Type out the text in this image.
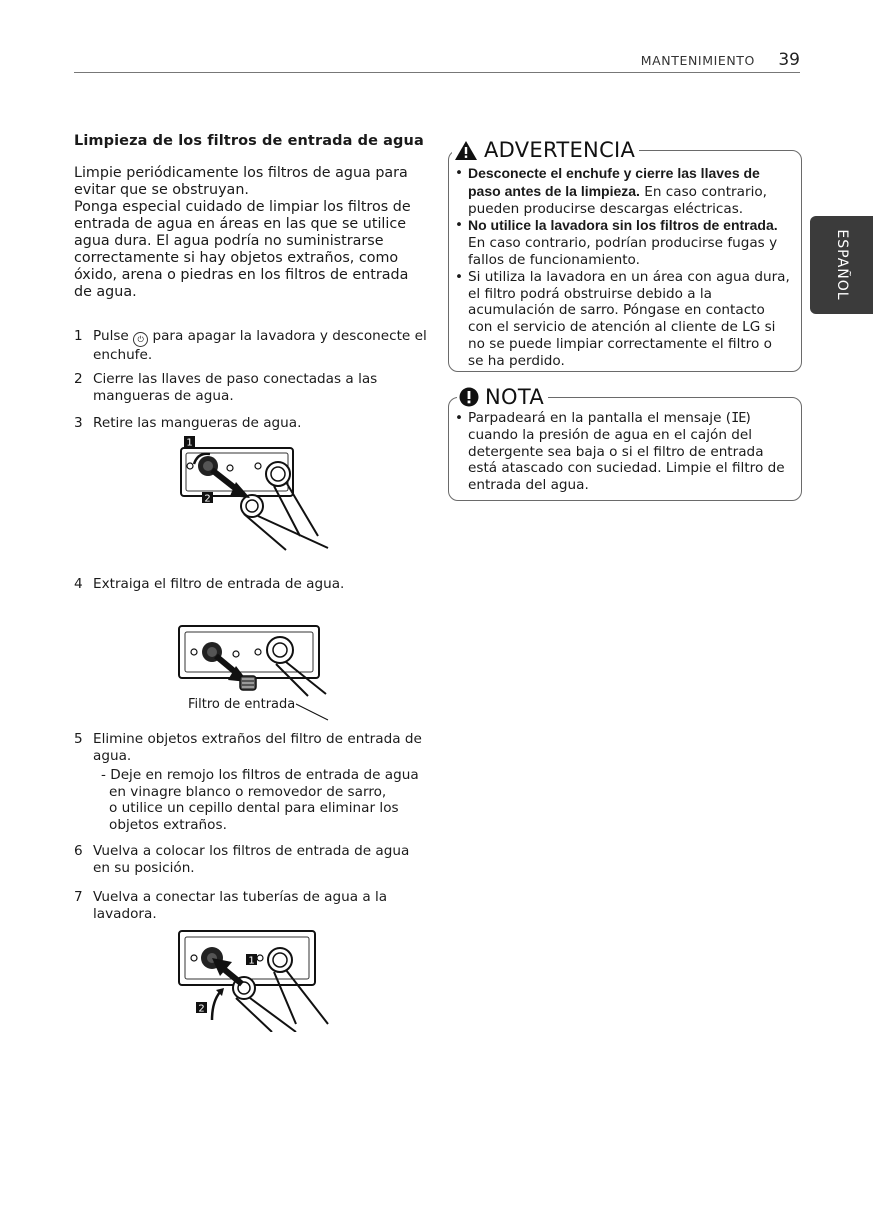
MANTENIMIENTO 39
ESPAÑOL
Limpieza de los filtros de entrada de agua

Limpie periódicamente los filtros de agua para evitar que se obstruyan.

Ponga especial cuidado de limpiar los filtros de entrada de agua en áreas en las que se utilice agua dura. El agua podría no suministrarse correctamente si hay objetos extraños, como óxido, arena o piedras en los filtros de entrada de agua.

1 Pulse ⏻ para apagar la lavadora y desconecte el enchufe.
2 Cierre las llaves de paso conectadas a las mangueras de agua.
3 Retire las mangueras de agua.
1
2
4 Extraiga el filtro de entrada de agua.
Filtro de entrada
5 Elimine objetos extraños del filtro de entrada de agua.
- Deje en remojo los filtros de entrada de agua
en vinagre blanco o removedor de sarro,
o utilice un cepillo dental para eliminar los
objetos extraños.
6 Vuelva a colocar los filtros de entrada de agua en su posición.
7 Vuelva a conectar las tuberías de agua a la lavadora.
1
2
ADVERTENCIA
• Desconecte el enchufe y cierre las llaves de paso antes de la limpieza. En caso contrario, pueden producirse descargas eléctricas.
• No utilice la lavadora sin los filtros de entrada. En caso contrario, podrían producirse fugas y fallos de funcionamiento.
• Si utiliza la lavadora en un área con agua dura, el filtro podrá obstruirse debido a la acumulación de sarro. Póngase en contacto con el servicio de atención al cliente de LG si no se puede limpiar correctamente el filtro o se ha perdido.
NOTA
• Parpadeará en la pantalla el mensaje (IE) cuando la presión de agua en el cajón del detergente sea baja o si el filtro de entrada está atascado con suciedad. Limpie el filtro de entrada del agua.
